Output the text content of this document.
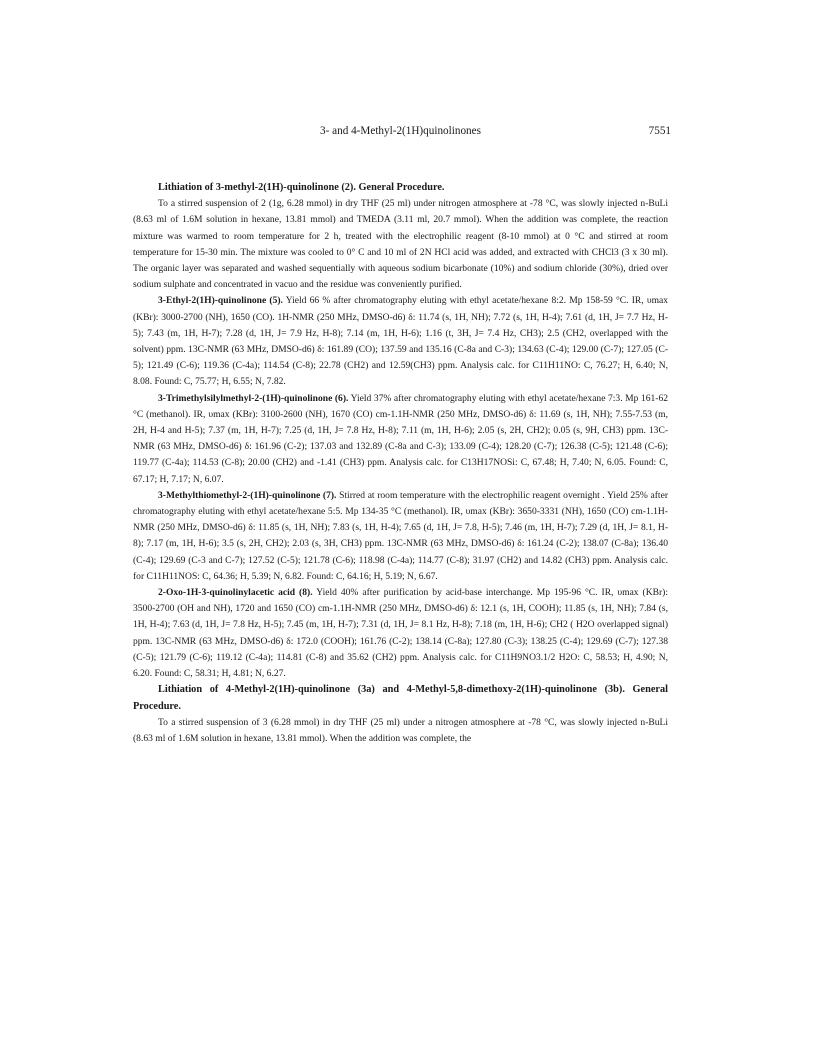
3- and 4-Methyl-2(1H)quinolinones	7551

Lithiation of 3-methyl-2(1H)-quinolinone (2). General Procedure.

To a stirred suspension of 2 (1g, 6.28 mmol) in dry THF (25 ml) under nitrogen atmosphere at -78 °C, was slowly injected n-BuLi (8.63 ml of 1.6M solution in hexane, 13.81 mmol) and TMEDA (3.11 ml, 20.7 mmol). When the addition was complete, the reaction mixture was warmed to room temperature for 2 h, treated with the electrophilic reagent (8-10 mmol) at 0 °C and stirred at room temperature for 15-30 min. The mixture was cooled to 0° C and 10 ml of 2N HCl acid was added, and extracted with CHCl3 (3 x 30 ml). The organic layer was separated and washed sequentially with aqueous sodium bicarbonate (10%) and sodium chloride (30%), dried over sodium sulphate and concentrated in vacuo and the residue was conveniently purified.

3-Ethyl-2(1H)-quinolinone (5). Yield 66 % after chromatography eluting with ethyl acetate/hexane 8:2. Mp 158-59 °C. IR, υmax (KBr): 3000-2700 (NH), 1650 (CO). 1H-NMR (250 MHz, DMSO-d6) δ: 11.74 (s, 1H, NH); 7.72 (s, 1H, H-4); 7.61 (d, 1H, J= 7.7 Hz, H-5); 7.43 (m, 1H, H-7); 7.28 (d, 1H, J= 7.9 Hz, H-8); 7.14 (m, 1H, H-6); 1.16 (t, 3H, J= 7.4 Hz, CH3); 2.5 (CH2, overlapped with the solvent) ppm. 13C-NMR (63 MHz, DMSO-d6) δ: 161.89 (CO); 137.59 and 135.16 (C-8a and C-3); 134.63 (C-4); 129.00 (C-7); 127.05 (C-5); 121.49 (C-6); 119.36 (C-4a); 114.54 (C-8); 22.78 (CH2) and 12.59(CH3) ppm. Analysis calc. for C11H11NO: C, 76.27; H, 6.40; N, 8.08. Found: C, 75.77; H, 6.55; N, 7.82.

3-Trimethylsilylmethyl-2-(1H)-quinolinone (6). Yield 37% after chromatography eluting with ethyl acetate/hexane 7:3. Mp 161-62 °C (methanol). IR, υmax (KBr): 3100-2600 (NH), 1670 (CO) cm-1.1H-NMR (250 MHz, DMSO-d6) δ: 11.69 (s, 1H, NH); 7.55-7.53 (m, 2H, H-4 and H-5); 7.37 (m, 1H, H-7); 7.25 (d, 1H, J= 7.8 Hz, H-8); 7.11 (m, 1H, H-6); 2.05 (s, 2H, CH2); 0.05 (s, 9H, CH3) ppm. 13C-NMR (63 MHz, DMSO-d6) δ: 161.96 (C-2); 137.03 and 132.89 (C-8a and C-3); 133.09 (C-4); 128.20 (C-7); 126.38 (C-5); 121.48 (C-6); 119.77 (C-4a); 114.53 (C-8); 20.00 (CH2) and -1.41 (CH3) ppm. Analysis calc. for C13H17NOSi: C, 67.48; H, 7.40; N, 6.05. Found: C, 67.17; H, 7.17; N, 6.07.

3-Methylthiomethyl-2-(1H)-quinolinone (7). Stirred at room temperature with the electrophilic reagent overnight . Yield 25% after chromatography eluting with ethyl acetate/hexane 5:5. Mp 134-35 °C (methanol). IR, υmax (KBr): 3650-3331 (NH), 1650 (CO) cm-1.1H-NMR (250 MHz, DMSO-d6) δ: 11.85 (s, 1H, NH); 7.83 (s, 1H, H-4); 7.65 (d, 1H, J= 7.8, H-5); 7.46 (m, 1H, H-7); 7.29 (d, 1H, J= 8.1, H-8); 7.17 (m, 1H, H-6); 3.5 (s, 2H, CH2); 2.03 (s, 3H, CH3) ppm. 13C-NMR (63 MHz, DMSO-d6) δ: 161.24 (C-2); 138.07 (C-8a); 136.40 (C-4); 129.69 (C-3 and C-7); 127.52 (C-5); 121.78 (C-6); 118.98 (C-4a); 114.77 (C-8); 31.97 (CH2) and 14.82 (CH3) ppm. Analysis calc. for C11H11NOS: C, 64.36; H, 5.39; N, 6.82. Found: C, 64.16; H, 5.19; N, 6.67.

2-Oxo-1H-3-quinolinylacetic acid (8). Yield 40% after purification by acid-base interchange. Mp 195-96 °C. IR, υmax (KBr): 3500-2700 (OH and NH), 1720 and 1650 (CO) cm-1.1H-NMR (250 MHz, DMSO-d6) δ: 12.1 (s, 1H, COOH); 11.85 (s, 1H, NH); 7.84 (s, 1H, H-4); 7.63 (d, 1H, J= 7.8 Hz, H-5); 7.45 (m, 1H, H-7); 7.31 (d, 1H, J= 8.1 Hz, H-8); 7.18 (m, 1H, H-6); CH2 ( H2O overlapped signal) ppm. 13C-NMR (63 MHz, DMSO-d6) δ: 172.0 (COOH); 161.76 (C-2); 138.14 (C-8a); 127.80 (C-3); 138.25 (C-4); 129.69 (C-7); 127.38 (C-5); 121.79 (C-6); 119.12 (C-4a); 114.81 (C-8) and 35.62 (CH2) ppm. Analysis calc. for C11H9NO3.1/2 H2O: C, 58.53; H, 4.90; N, 6.20. Found: C, 58.31; H, 4.81; N, 6.27.

Lithiation of 4-Methyl-2(1H)-quinolinone (3a) and 4-Methyl-5,8-dimethoxy-2(1H)-quinolinone (3b). General Procedure.

To a stirred suspension of 3 (6.28 mmol) in dry THF (25 ml) under a nitrogen atmosphere at -78 °C, was slowly injected n-BuLi (8.63 ml of 1.6M solution in hexane, 13.81 mmol). When the addition was complete, the
